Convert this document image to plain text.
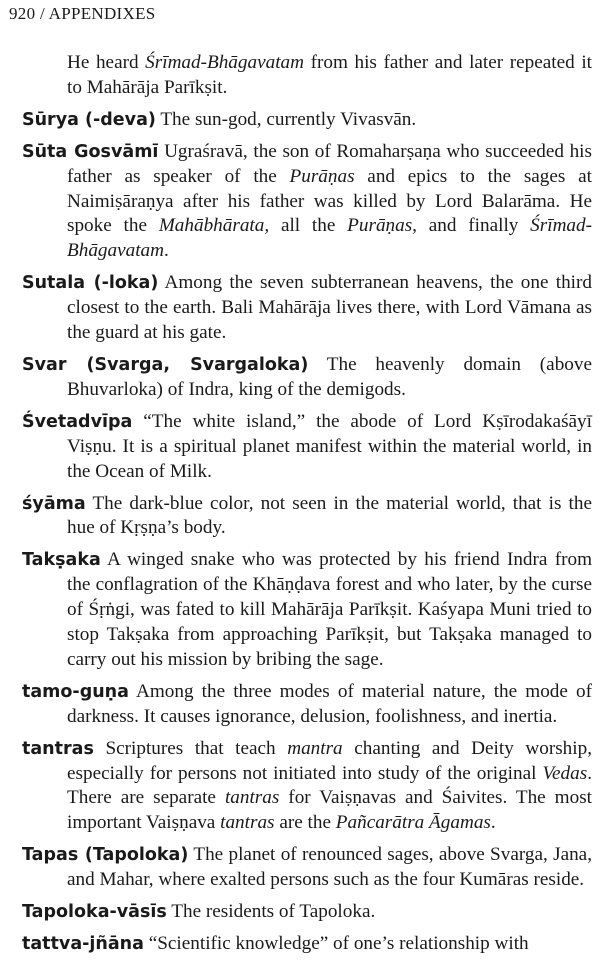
920 / APPENDIXES

He heard Śrīmad-Bhāgavatam from his father and later repeated it to Mahārāja Parīkṣit.

Sūrya (-deva) The sun-god, currently Vivasvān.

Sūta Gosvāmī Ugraśravā, the son of Romaharṣaṇa who succeeded his father as speaker of the Purāṇas and epics to the sages at Naimiṣāraṇya after his father was killed by Lord Balarāma. He spoke the Mahābhārata, all the Purāṇas, and finally Śrīmad-Bhāgavatam.

Sutala (-loka) Among the seven subterranean heavens, the one third closest to the earth. Bali Mahārāja lives there, with Lord Vāmana as the guard at his gate.

Svar (Svarga, Svargaloka) The heavenly domain (above Bhuvarloka) of Indra, king of the demigods.

Śvetadvīpa “The white island,” the abode of Lord Kṣīrodakaśāyī Viṣṇu. It is a spiritual planet manifest within the material world, in the Ocean of Milk.

śyāma The dark-blue color, not seen in the material world, that is the hue of Kṛṣṇa’s body.

Takṣaka A winged snake who was protected by his friend Indra from the conflagration of the Khāṇḍava forest and who later, by the curse of Śṛṅgi, was fated to kill Mahārāja Parīkṣit. Kaśyapa Muni tried to stop Takṣaka from approaching Parīkṣit, but Takṣaka managed to carry out his mission by bribing the sage.

tamo-guṇa Among the three modes of material nature, the mode of darkness. It causes ignorance, delusion, foolishness, and inertia.

tantras Scriptures that teach mantra chanting and Deity worship, especially for persons not initiated into study of the original Vedas. There are separate tantras for Vaiṣṇavas and Śaivites. The most important Vaiṣṇava tantras are the Pañcarātra Āgamas.

Tapas (Tapoloka) The planet of renounced sages, above Svarga, Jana, and Mahar, where exalted persons such as the four Kumāras reside.

Tapoloka-vāsīs The residents of Tapoloka.

tattva-jñāna “Scientific knowledge” of one’s relationship with
